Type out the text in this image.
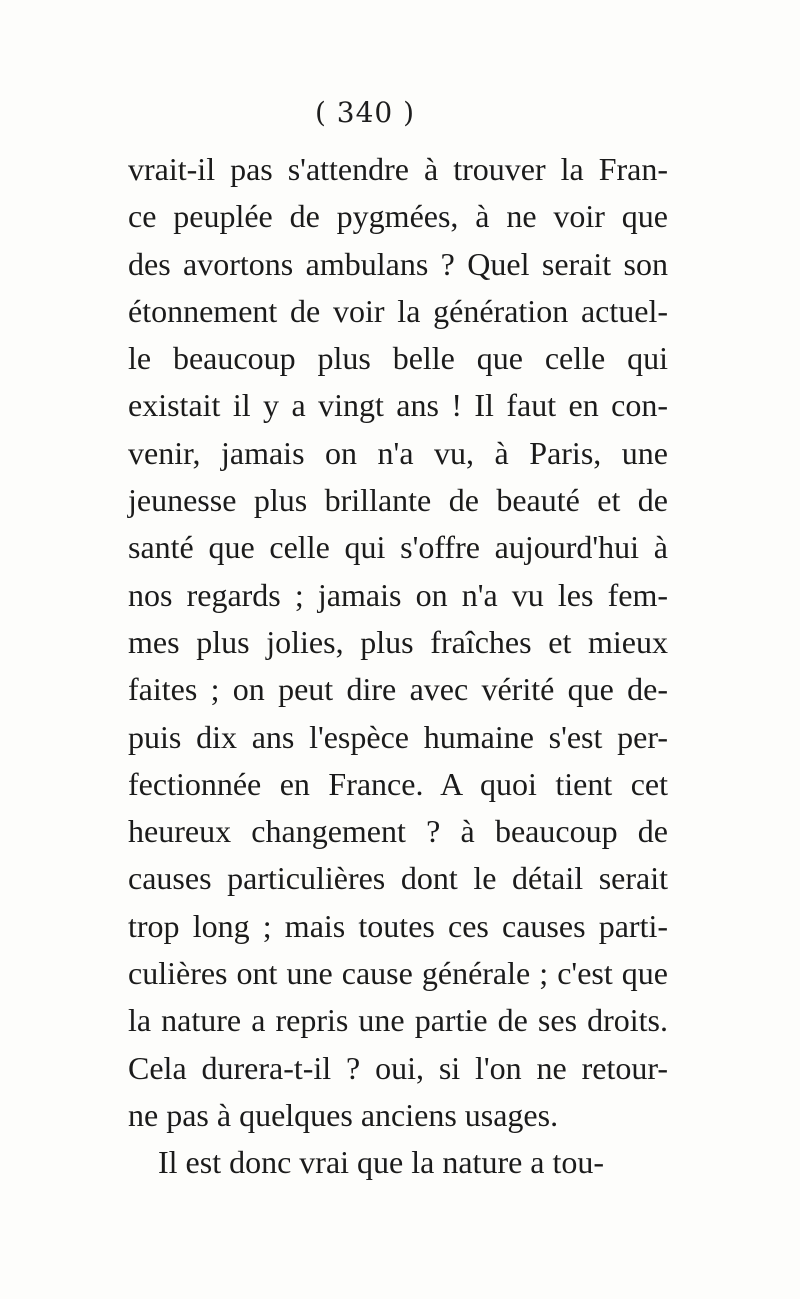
( 340 )
vrait-il pas s'attendre à trouver la Fran-
ce peuplée de pygmées, à ne voir que
des avortons ambulans ? Quel serait son
étonnement de voir la génération actuel-
le beaucoup plus belle que celle qui
existait il y a vingt ans ! Il faut en con-
venir, jamais on n'a vu, à Paris, une
jeunesse plus brillante de beauté et de
santé que celle qui s'offre aujourd'hui à
nos regards ; jamais on n'a vu les fem-
mes plus jolies, plus fraîches et mieux
faites ; on peut dire avec vérité que de-
puis dix ans l'espèce humaine s'est per-
fectionnée en France. A quoi tient cet
heureux changement ? à beaucoup de
causes particulières dont le détail serait
trop long ; mais toutes ces causes parti-
culières ont une cause générale ; c'est que
la nature a repris une partie de ses droits.
Cela durera-t-il ? oui, si l'on ne retour-
ne pas à quelques anciens usages.
Il est donc vrai que la nature a tou-
